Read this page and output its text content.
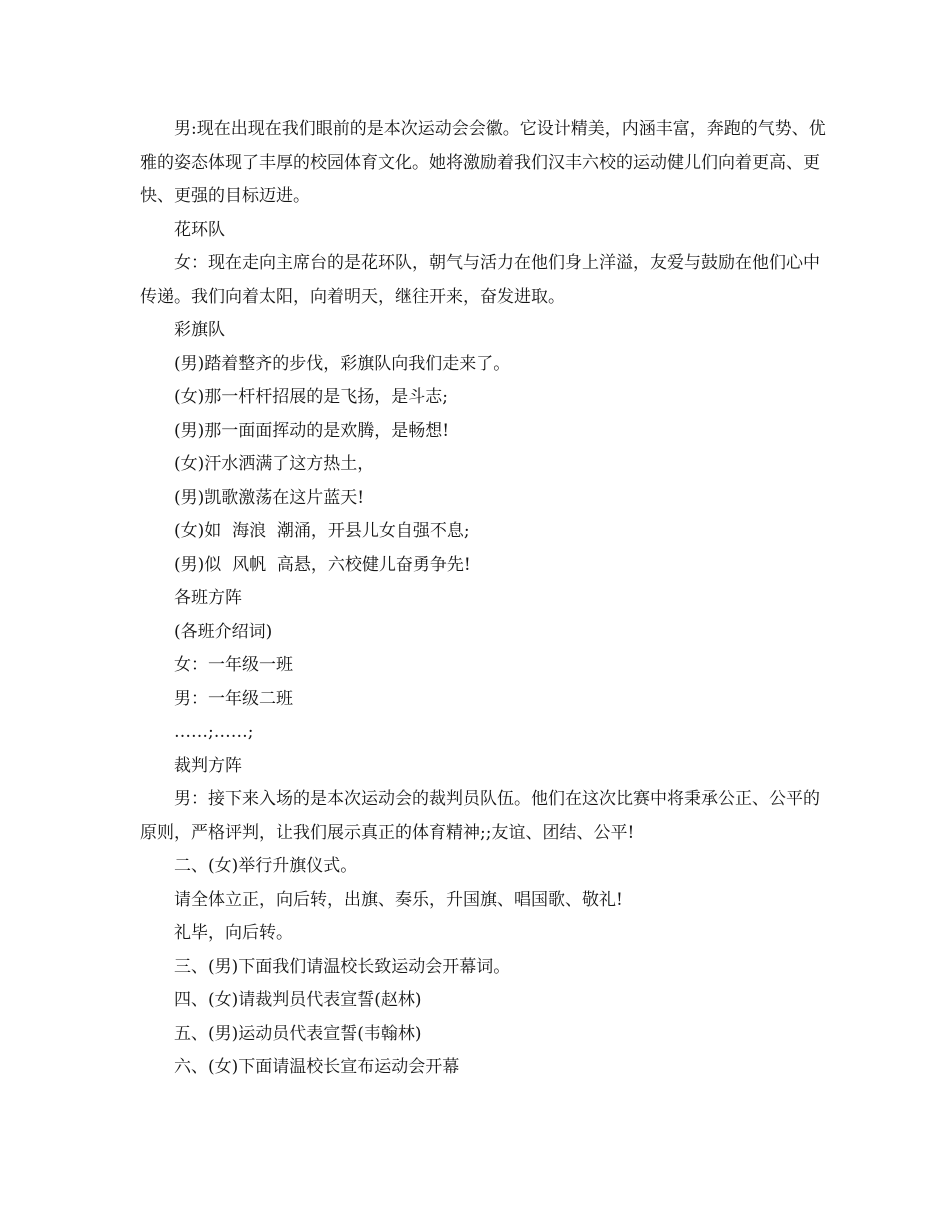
男:现在出现在我们眼前的是本次运动会会徽。它设计精美，内涵丰富，奔跑的气势、优雅的姿态体现了丰厚的校园体育文化。她将激励着我们汉丰六校的运动健儿们向着更高、更快、更强的目标迈进。

花环队

女：现在走向主席台的是花环队，朝气与活力在他们身上洋溢，友爱与鼓励在他们心中传递。我们向着太阳，向着明天，继往开来，奋发进取。

彩旗队

(男)踏着整齐的步伐，彩旗队向我们走来了。

(女)那一杆杆招展的是飞扬，是斗志;

(男)那一面面挥动的是欢腾，是畅想!

(女)汗水洒满了这方热土，

(男)凯歌激荡在这片蓝天!

(女)如  海浪  潮涌，开县儿女自强不息;

(男)似  风帆  高悬，六校健儿奋勇争先!

各班方阵

(各班介绍词)

女：一年级一班

男：一年级二班

……;……;

裁判方阵

男：接下来入场的是本次运动会的裁判员队伍。他们在这次比赛中将秉承公正、公平的原则，严格评判，让我们展示真正的体育精神;;友谊、团结、公平!

二、(女)举行升旗仪式。

请全体立正，向后转，出旗、奏乐，升国旗、唱国歌、敬礼!

礼毕，向后转。

三、(男)下面我们请温校长致运动会开幕词。

四、(女)请裁判员代表宣誓(赵林)

五、(男)运动员代表宣誓(韦翰林)

六、(女)下面请温校长宣布运动会开幕
